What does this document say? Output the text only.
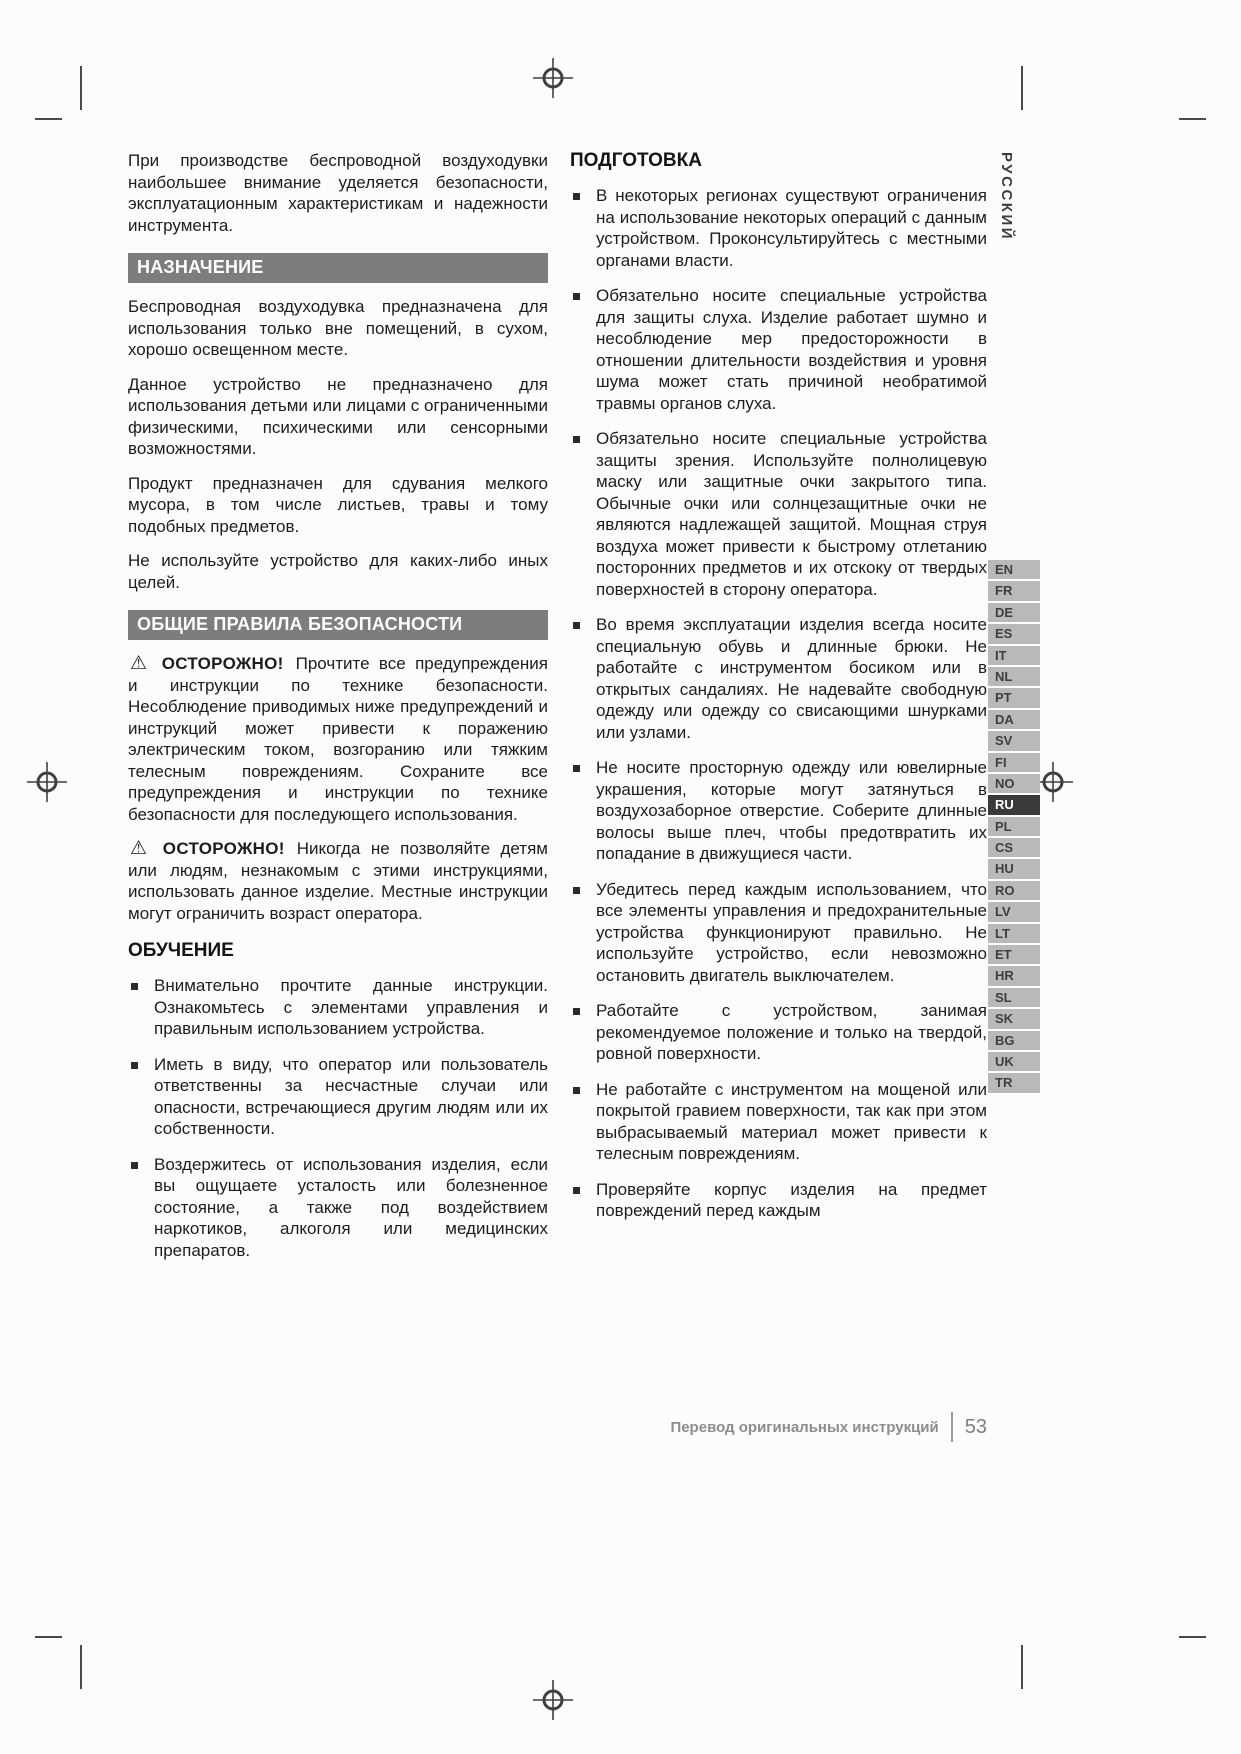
РУССКИЙ
EN
FR
DE
ES
IT
NL
PT
DA
SV
FI
NO
RU
PL
CS
HU
RO
LV
LT
ET
HR
SL
SK
BG
UK
TR

При производстве беспроводной воздуходувки наибольшее внимание уделяется безопасности, эксплуатационным характеристикам и надежности инструмента.

НАЗНАЧЕНИЕ

Беспроводная воздуходувка предназначена для использования только вне помещений, в сухом, хорошо освещенном месте.

Данное устройство не предназначено для использования детьми или лицами с ограниченными физическими, психическими или сенсорными возможностями.

Продукт предназначен для сдувания мелкого мусора, в том числе листьев, травы и тому подобных предметов.

Не используйте устройство для каких-либо иных целей.

ОБЩИЕ ПРАВИЛА БЕЗОПАСНОСТИ

⚠ ОСТОРОЖНО! Прочтите все предупреждения и инструкции по технике безопасности. Несоблюдение приводимых ниже предупреждений и инструкций может привести к поражению электрическим током, возгоранию или тяжким телесным повреждениям. Сохраните все предупреждения и инструкции по технике безопасности для последующего использования.

⚠ ОСТОРОЖНО! Никогда не позволяйте детям или людям, незнакомым с этими инструкциями, использовать данное изделие. Местные инструкции могут ограничить возраст оператора.

ОБУЧЕНИЕ
Внимательно прочтите данные инструкции. Ознакомьтесь с элементами управления и правильным использованием устройства.
Иметь в виду, что оператор или пользователь ответственны за несчастные случаи или опасности, встречающиеся другим людям или их собственности.
Воздержитесь от использования изделия, если вы ощущаете усталость или болезненное состояние, а также под воздействием наркотиков, алкоголя или медицинских препаратов.
ПОДГОТОВКА
В некоторых регионах существуют ограничения на использование некоторых операций с данным устройством. Проконсультируйтесь с местными органами власти.
Обязательно носите специальные устройства для защиты слуха. Изделие работает шумно и несоблюдение мер предосторожности в отношении длительности воздействия и уровня шума может стать причиной необратимой травмы органов слуха.
Обязательно носите специальные устройства защиты зрения. Используйте полнолицевую маску или защитные очки закрытого типа. Обычные очки или солнцезащитные очки не являются надлежащей защитой. Мощная струя воздуха может привести к быстрому отлетанию посторонних предметов и их отскоку от твердых поверхностей в сторону оператора.
Во время эксплуатации изделия всегда носите специальную обувь и длинные брюки. Не работайте с инструментом босиком или в открытых сандалиях. Не надевайте свободную одежду или одежду со свисающими шнурками или узлами.
Не носите просторную одежду или ювелирные украшения, которые могут затянуться в воздухозаборное отверстие. Соберите длинные волосы выше плеч, чтобы предотвратить их попадание в движущиеся части.
Убедитесь перед каждым использованием, что все элементы управления и предохранительные устройства функционируют правильно. Не используйте устройство, если невозможно остановить двигатель выключателем.
Работайте с устройством, занимая рекомендуемое положение и только на твердой, ровной поверхности.
Не работайте с инструментом на мощеной или покрытой гравием поверхности, так как при этом выбрасываемый материал может привести к телесным повреждениям.
Проверяйте корпус изделия на предмет повреждений перед каждым
Перевод оригинальных инструкций 53
